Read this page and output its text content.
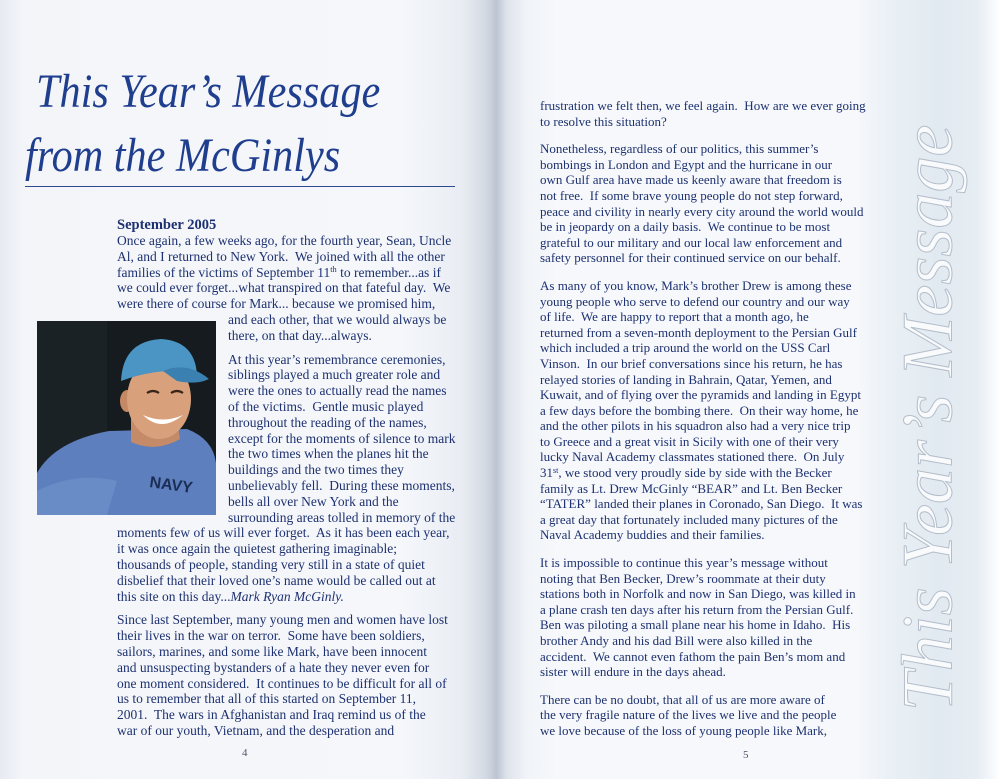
This Year’s Message
from the McGinlys
NAVY
September 2005
Once again, a few weeks ago, for the fourth year, Sean, Uncle
Al, and I returned to New York.  We joined with all the other
families of the victims of September 11th to remember...as if
we could ever forget...what transpired on that fateful day.  We
were there of course for Mark... because we promised him,
and each other, that we would always be
there, on that day...always.
At this year’s remembrance ceremonies,
siblings played a much greater role and
were the ones to actually read the names
of the victims.  Gentle music played
throughout the reading of the names,
except for the moments of silence to mark
the two times when the planes hit the
buildings and the two times they
unbelievably fell.  During these moments,
bells all over New York and the
surrounding areas tolled in memory of the
moments few of us will ever forget.  As it has been each year,
it was once again the quietest gathering imaginable;
thousands of people, standing very still in a state of quiet
disbelief that their loved one’s name would be called out at
this site on this day...Mark Ryan McGinly.
Since last September, many young men and women have lost
their lives in the war on terror.  Some have been soldiers,
sailors, marines, and some like Mark, have been innocent
and unsuspecting bystanders of a hate they never even for
one moment considered.  It continues to be difficult for all of
us to remember that all of this started on September 11,
2001.  The wars in Afghanistan and Iraq remind us of the
war of our youth, Vietnam, and the desperation and
4
This Year’s Message
frustration we felt then, we feel again.  How are we ever going
to resolve this situation?
Nonetheless, regardless of our politics, this summer’s
bombings in London and Egypt and the hurricane in our
own Gulf area have made us keenly aware that freedom is
not free.  If some brave young people do not step forward,
peace and civility in nearly every city around the world would
be in jeopardy on a daily basis.  We continue to be most
grateful to our military and our local law enforcement and
safety personnel for their continued service on our behalf.
As many of you know, Mark’s brother Drew is among these
young people who serve to defend our country and our way
of life.  We are happy to report that a month ago, he
returned from a seven-month deployment to the Persian Gulf
which included a trip around the world on the USS Carl
Vinson.  In our brief conversations since his return, he has
relayed stories of landing in Bahrain, Qatar, Yemen, and
Kuwait, and of flying over the pyramids and landing in Egypt
a few days before the bombing there.  On their way home, he
and the other pilots in his squadron also had a very nice trip
to Greece and a great visit in Sicily with one of their very
lucky Naval Academy classmates stationed there.  On July
31st, we stood very proudly side by side with the Becker
family as Lt. Drew McGinly “BEAR” and Lt. Ben Becker
“TATER” landed their planes in Coronado, San Diego.  It was
a great day that fortunately included many pictures of the
Naval Academy buddies and their families.
It is impossible to continue this year’s message without
noting that Ben Becker, Drew’s roommate at their duty
stations both in Norfolk and now in San Diego, was killed in
a plane crash ten days after his return from the Persian Gulf.
Ben was piloting a small plane near his home in Idaho.  His
brother Andy and his dad Bill were also killed in the
accident.  We cannot even fathom the pain Ben’s mom and
sister will endure in the days ahead.
There can be no doubt, that all of us are more aware of
the very fragile nature of the lives we live and the people
we love because of the loss of young people like Mark,
5
